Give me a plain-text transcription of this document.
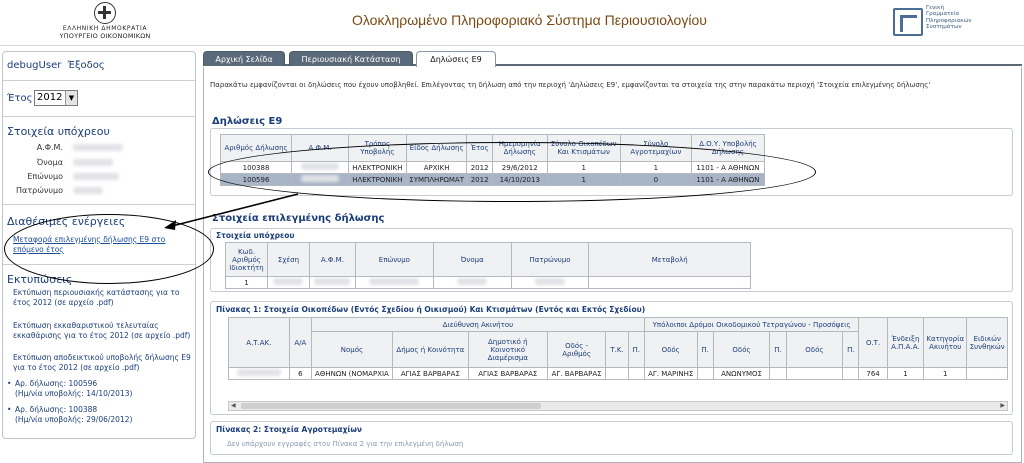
ΕΛΛΗΝΙΚΗ ΔΗΜΟΚΡΑΤΙΑ
ΥΠΟΥΡΓΕΙΟ ΟΙΚΟΝΟΜΙΚΩΝ
Ολοκληρωμένο Πληροφοριακό Σύστημα Περιουσιολογίου
Γενική
Γραμματεία
Πληροφοριακών
Συστημάτων
debugUser Έξοδος
Έτος 2012 ▼
Στοιχεία υπόχρεου
Α.Φ.Μ.
Όνομα
Επώνυμο
Πατρώνυμο
Διαθέσιμες ενέργειες
Μεταφορά επιλεγμένης δήλωσης Ε9 στο επόμενο έτος
Εκτυπώσεις
Εκτύπωση περιουσιακής κατάστασης για το έτος 2012 (σε αρχείο .pdf)
Εκτύπωση εκκαθαριστικού τελευταίας εκκαθάρισης για το έτος 2012 (σε αρχείο .pdf)
Εκτύπωση αποδεικτικού υποβολής δήλωσης Ε9 για το έτος 2012 (σε αρχείο .pdf)
• Αρ. δήλωσης: 100596
(Ημ/νία υποβολής: 14/10/2013)
• Αρ. δήλωσης: 100388
(Ημ/νία υποβολής: 29/06/2012)
Αρχική Σελίδα	Περιουσιακή Κατάσταση	Δηλώσεις Ε9
Παρακάτω εμφανίζονται οι δηλώσεις που έχουν υποβληθεί. Επιλέγοντας τη δήλωση από την περιοχή 'Δηλώσεις Ε9', εμφανίζονται τα στοιχεία της στην παρακάτω περιοχή 'Στοιχεία επιλεγμένης δήλωσης'
Δηλώσεις Ε9
Αριθμός Δήλωσης	Α.Φ.Μ.	Τρόπος Υποβολής	Είδος Δήλωσης	Έτος	Ημερομηνία Δήλωσης	Σύνολο Οικοπέδων Και Κτισμάτων	Σύνολο Αγροτεμαχίων	Δ.Ο.Υ. Υποβολής Δήλωσης
100388		ΗΛΕΚΤΡΟΝΙΚΗ	ΑΡΧΙΚΗ	2012	29/6/2012	1	1	1101 - Α ΑΘΗΝΩΝ
100596		ΗΛΕΚΤΡΟΝΙΚΗ	ΣΥΜΠΛΗΡΩΜΑΤ	2012	14/10/2013	1	0	1101 - Α ΑΘΗΝΩΝ
Στοιχεία επιλεγμένης δήλωσης
Στοιχεία υπόχρεου
Κωδ. Αριθμός Ιδιοκτήτη	Σχέση	Α.Φ.Μ.	Επώνυμο	Όνομα	Πατρώνυμο	Μεταβολή
1						
Πίνακας 1: Στοιχεία Οικοπέδων (Εντός Σχεδίου ή Οικισμού) Και Κτισμάτων (Εντός και Εκτός Σχεδίου)
Α.Τ.ΑΚ.	Α/Α	Διεύθυνση Ακινήτου						Υπόλοιποι Δρόμοι Οικοδομικού Τετραγώνου - Προσόψεις						Ο.Τ.	Ένδειξη Α.Π.Α.Α.	Κατηγορία Ακινήτου	Ειδικών Συνθηκών
		Νομός	Δήμος ή Κοινότητα	Δημοτικό ή Κοινοτικό Διαμέρισμα	Οδός - Αριθμός	Τ.Κ.	Π.	Οδός	Π.	Οδός	Π.	Οδός	Π.				
	6	ΑΘΗΝΩΝ (ΝΟΜΑΡΧΙΑ	ΑΓΙΑΣ ΒΑΡΒΑΡΑΣ	ΑΓΙΑΣ ΒΑΡΒΑΡΑΣ	ΑΓ. ΒΑΡΒΑΡΑΣ			ΑΓ. ΜΑΡΙΝΗΣ		ΑΝΩΝΥΜΟΣ				764	1	1	
◀	▶
Πίνακας 2: Στοιχεία Αγροτεμαχίων
Δεν υπάρχουν εγγραφές στον Πίνακα 2 για την επιλεγμένη δήλωση
